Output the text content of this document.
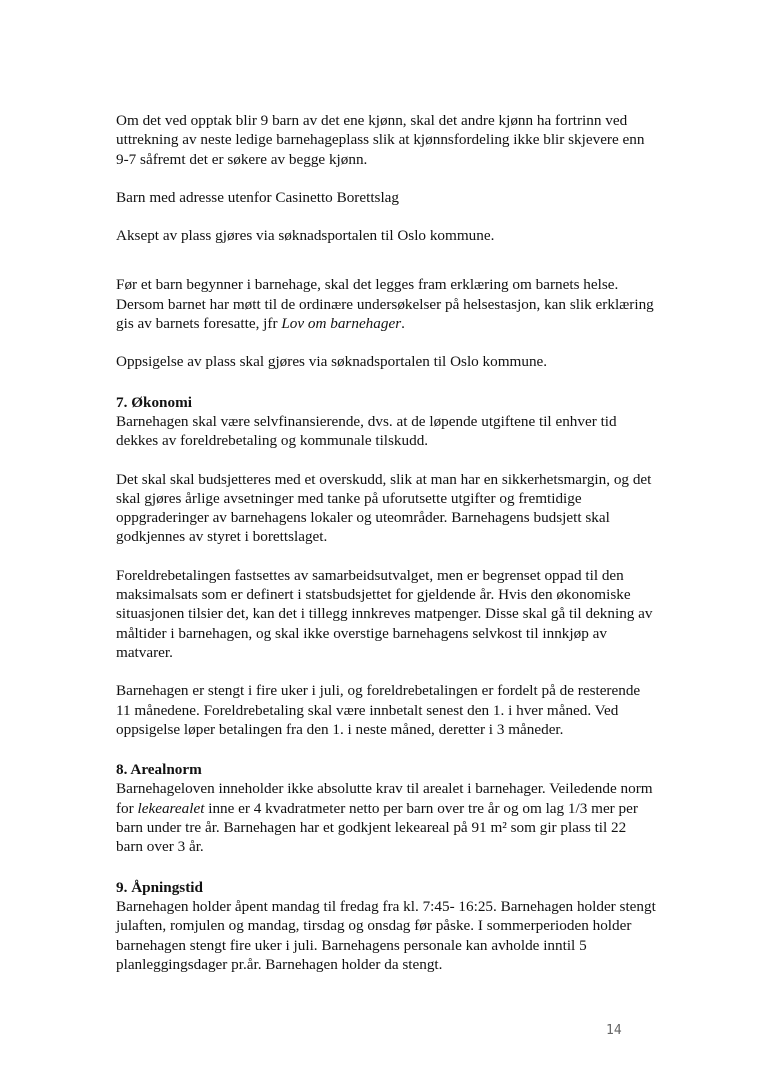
Om det ved opptak blir 9 barn av det ene kjønn, skal det andre kjønn ha fortrinn ved uttrekning av neste ledige barnehageplass slik at kjønnsfordeling ikke blir skjevere enn 9-7 såfremt det er søkere av begge kjønn.

Barn med adresse utenfor Casinetto Borettslag

Aksept av plass gjøres via søknadsportalen til Oslo kommune.

Før et barn begynner i barnehage, skal det legges fram erklæring om barnets helse. Dersom barnet har møtt til de ordinære undersøkelser på helsestasjon, kan slik erklæring gis av barnets foresatte, jfr Lov om barnehager.

Oppsigelse av plass skal gjøres via søknadsportalen til Oslo kommune.

7. Økonomi

Barnehagen skal være selvfinansierende, dvs. at de løpende utgiftene til enhver tid dekkes av foreldrebetaling og kommunale tilskudd.

Det skal skal budsjetteres med et overskudd, slik at man har en sikkerhetsmargin, og det skal gjøres årlige avsetninger med tanke på uforutsette utgifter og fremtidige oppgraderinger av barnehagens lokaler og uteområder. Barnehagens budsjett skal godkjennes av styret i borettslaget.

Foreldrebetalingen fastsettes av samarbeidsutvalget, men er begrenset oppad til den maksimalsats som er definert i statsbudsjettet for gjeldende år. Hvis den økonomiske situasjonen tilsier det, kan det i tillegg innkreves matpenger. Disse skal gå til dekning av måltider i barnehagen, og skal ikke overstige barnehagens selvkost til innkjøp av matvarer.

Barnehagen er stengt i fire uker i juli, og foreldrebetalingen er fordelt på de resterende 11 månedene. Foreldrebetaling skal være innbetalt senest den 1. i hver måned. Ved oppsigelse løper betalingen fra den 1. i neste måned, deretter i 3 måneder.

8. Arealnorm

Barnehageloven inneholder ikke absolutte krav til arealet i barnehager. Veiledende norm for lekearealet inne er 4 kvadratmeter netto per barn over tre år og om lag 1/3 mer per barn under tre år. Barnehagen har et godkjent lekeareal på 91 m² som gir plass til 22 barn over 3 år.

9. Åpningstid

Barnehagen holder åpent mandag til fredag fra kl. 7:45- 16:25. Barnehagen holder stengt julaften, romjulen og mandag, tirsdag og onsdag før påske. I sommerperioden holder barnehagen stengt fire uker i juli. Barnehagens personale kan avholde inntil 5 planleggingsdager pr.år. Barnehagen holder da stengt.

14
